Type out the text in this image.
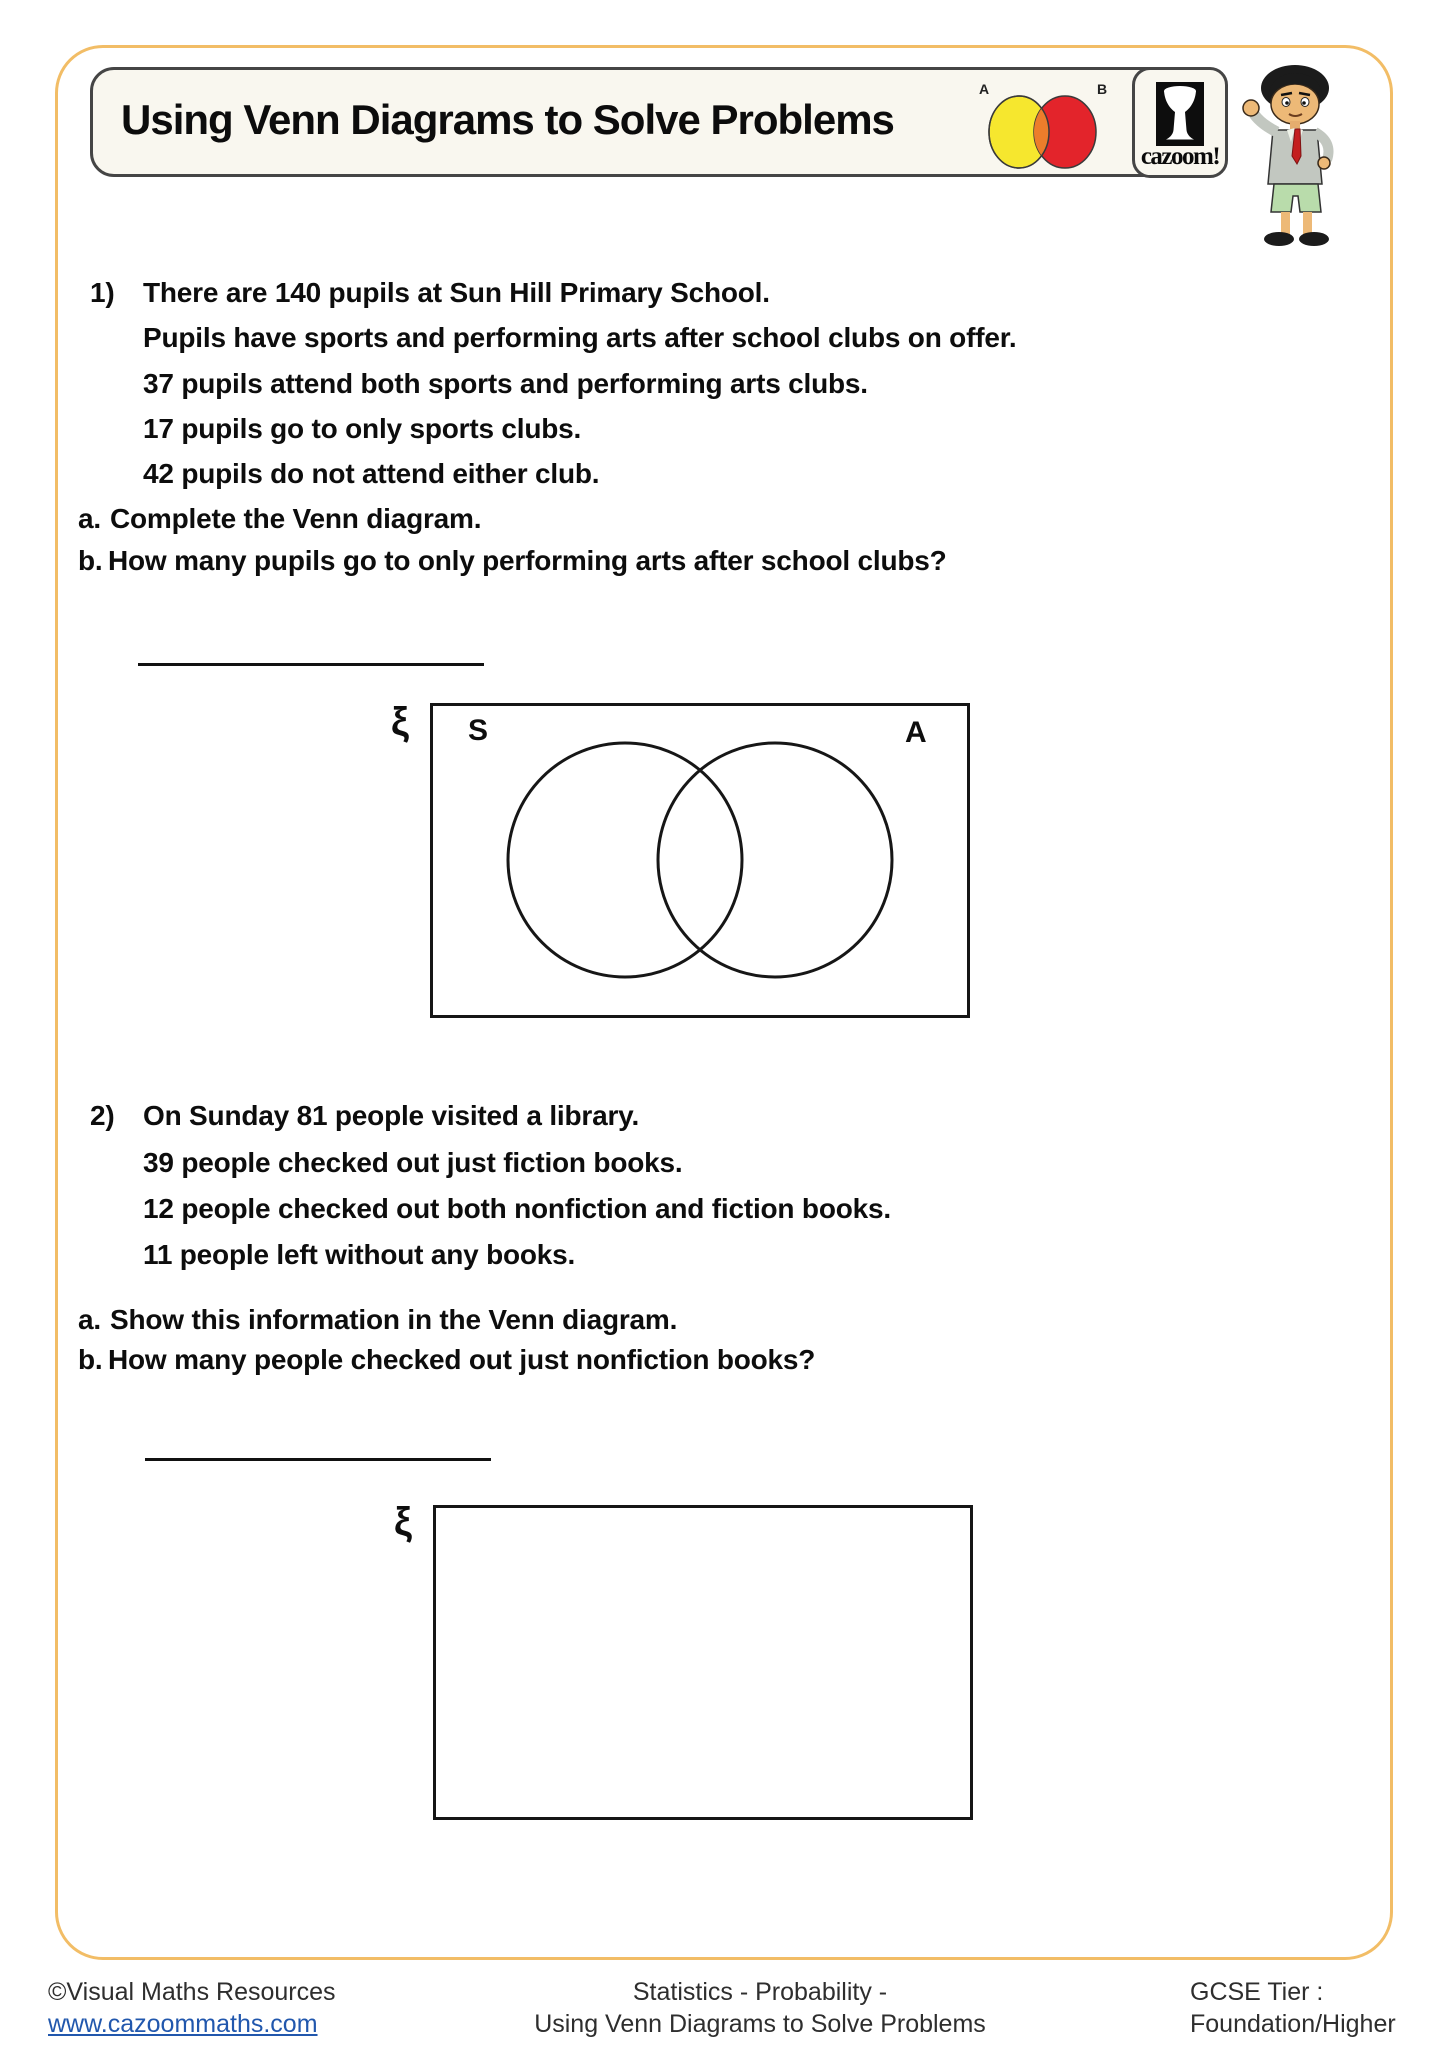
Using Venn Diagrams to Solve Problems
A	B
cazoom!
1) There are 140 pupils at Sun Hill Primary School.
Pupils have sports and performing arts after school clubs on offer.
37 pupils attend both sports and performing arts clubs.
17 pupils go to only sports clubs.
42 pupils do not attend either club.
a. Complete the Venn diagram.
b. How many pupils go to only performing arts after school clubs?
ξ S	A
2) On Sunday 81 people visited a library.
39 people checked out just fiction books.
12 people checked out both nonfiction and fiction books.
11 people left without any books.
a. Show this information in the Venn diagram.
b. How many people checked out just nonfiction books?
ξ
©Visual Maths Resources
www.cazoommaths.com
Statistics - Probability -
Using Venn Diagrams to Solve Problems
GCSE Tier :
Foundation/Higher
